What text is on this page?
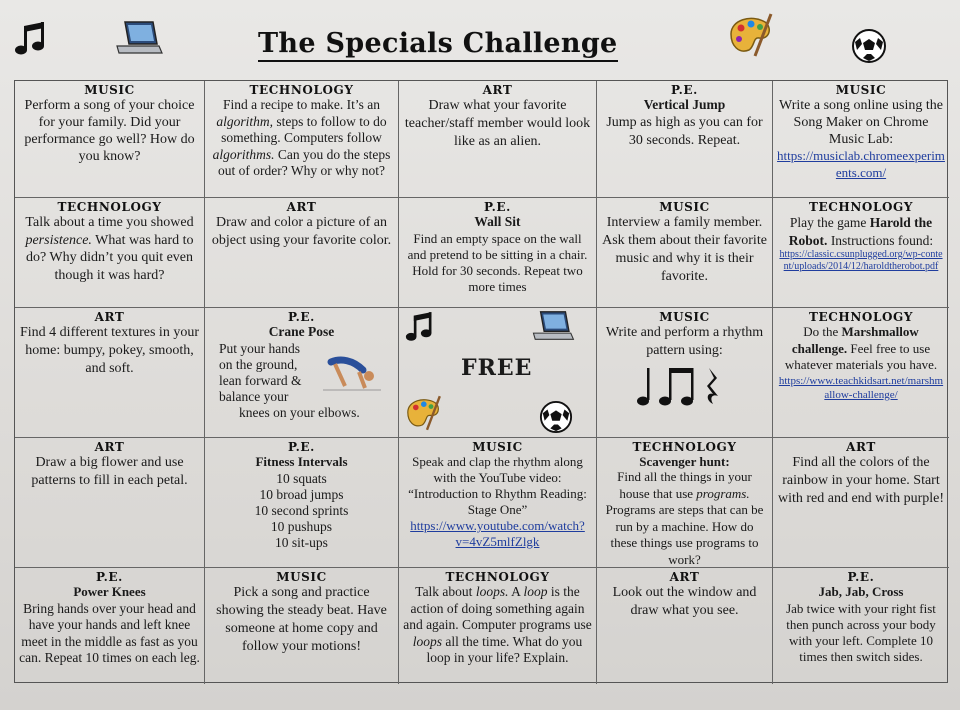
The Specials Challenge
MUSIC
Perform a song of your choice for your family. Did your performance go well? How do you know?
TECHNOLOGY
Find a recipe to make. It’s an algorithm, steps to follow to do something. Computers follow algorithms. Can you do the steps out of order? Why or why not?
ART
Draw what your favorite teacher/staff member would look like as an alien.
P.E.
Vertical Jump
Jump as high as you can for 30 seconds. Repeat.
MUSIC
Write a song online using the Song Maker on Chrome Music Lab:
https://musiclab.chromeexperiments.com/
TECHNOLOGY
Talk about a time you showed persistence. What was hard to do? Why didn’t you quit even though it was hard?
ART
Draw and color a picture of an object using your favorite color.
P.E.
Wall Sit
Find an empty space on the wall and pretend to be sitting in a chair. Hold for 30 seconds. Repeat two more times
MUSIC
Interview a family member. Ask them about their favorite music and why it is their favorite.
TECHNOLOGY
Play the game Harold the Robot. Instructions found:
https://classic.csunplugged.org/wp-content/uploads/2014/12/haroldtherobot.pdf
ART
Find 4 different textures in your home: bumpy, pokey, smooth, and soft.
P.E.
Crane Pose
Put your hands
on the ground,
lean forward &
balance your
knees on your elbows.
FREE
MUSIC
Write and perform a rhythm pattern using:
TECHNOLOGY
Do the Marshmallow challenge. Feel free to use whatever materials you have.
https://www.teachkidsart.net/marshmallow-challenge/
ART
Draw a big flower and use patterns to fill in each petal.
P.E.
Fitness Intervals
10 squats
10 broad jumps
10 second sprints
10 pushups
10 sit-ups
MUSIC
Speak and clap the rhythm along with the YouTube video: “Introduction to Rhythm Reading: Stage One”
https://www.youtube.com/watch?v=4vZ5mlfZlgk
TECHNOLOGY
Scavenger hunt:
Find all the things in your house that use programs. Programs are steps that can be run by a machine. How do these things use programs to work?
ART
Find all the colors of the rainbow in your home. Start with red and end with purple!
P.E.
Power Knees
Bring hands over your head and have your hands and left knee meet in the middle as fast as you can. Repeat 10 times on each leg.
MUSIC
Pick a song and practice showing the steady beat. Have someone at home copy and follow your motions!
TECHNOLOGY
Talk about loops. A loop is the action of doing something again and again. Computer programs use loops all the time. What do you loop in your life? Explain.
ART
Look out the window and draw what you see.
P.E.
Jab, Jab, Cross
Jab twice with your right fist then punch across your body with your left. Complete 10 times then switch sides.
